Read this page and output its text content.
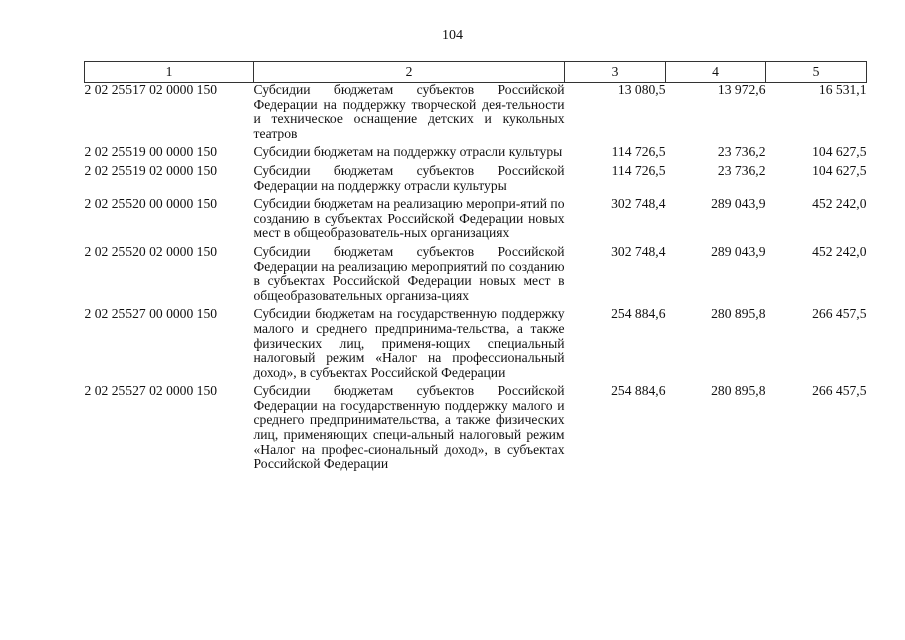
104
1	2	3	4	5
2 02 25517 02 0000 150	Субсидии бюджетам субъектов Российской Федерации на поддержку творческой дея-тельности и техническое оснащение детских и кукольных театров	13 080,5	13 972,6	16 531,1
2 02 25519 00 0000 150	Субсидии бюджетам на поддержку отрасли культуры	114 726,5	23 736,2	104 627,5
2 02 25519 02 0000 150	Субсидии бюджетам субъектов Российской Федерации на поддержку отрасли культуры	114 726,5	23 736,2	104 627,5
2 02 25520 00 0000 150	Субсидии бюджетам на реализацию меропри-ятий по созданию в субъектах Российской Федерации новых мест в общеобразователь-ных организациях	302 748,4	289 043,9	452 242,0
2 02 25520 02 0000 150	Субсидии бюджетам субъектов Российской Федерации на реализацию мероприятий по созданию в субъектах Российской Федерации новых мест в общеобразовательных организа-циях	302 748,4	289 043,9	452 242,0
2 02 25527 00 0000 150	Субсидии бюджетам на государственную поддержку малого и среднего предпринима-тельства, а также физических лиц, применя-ющих специальный налоговый режим «Налог на профессиональный доход», в субъектах Российской Федерации	254 884,6	280 895,8	266 457,5
2 02 25527 02 0000 150	Субсидии бюджетам субъектов Российской Федерации на государственную поддержку малого и среднего предпринимательства, а также физических лиц, применяющих специ-альный налоговый режим «Налог на профес-сиональный доход», в субъектах Российской Федерации	254 884,6	280 895,8	266 457,5
